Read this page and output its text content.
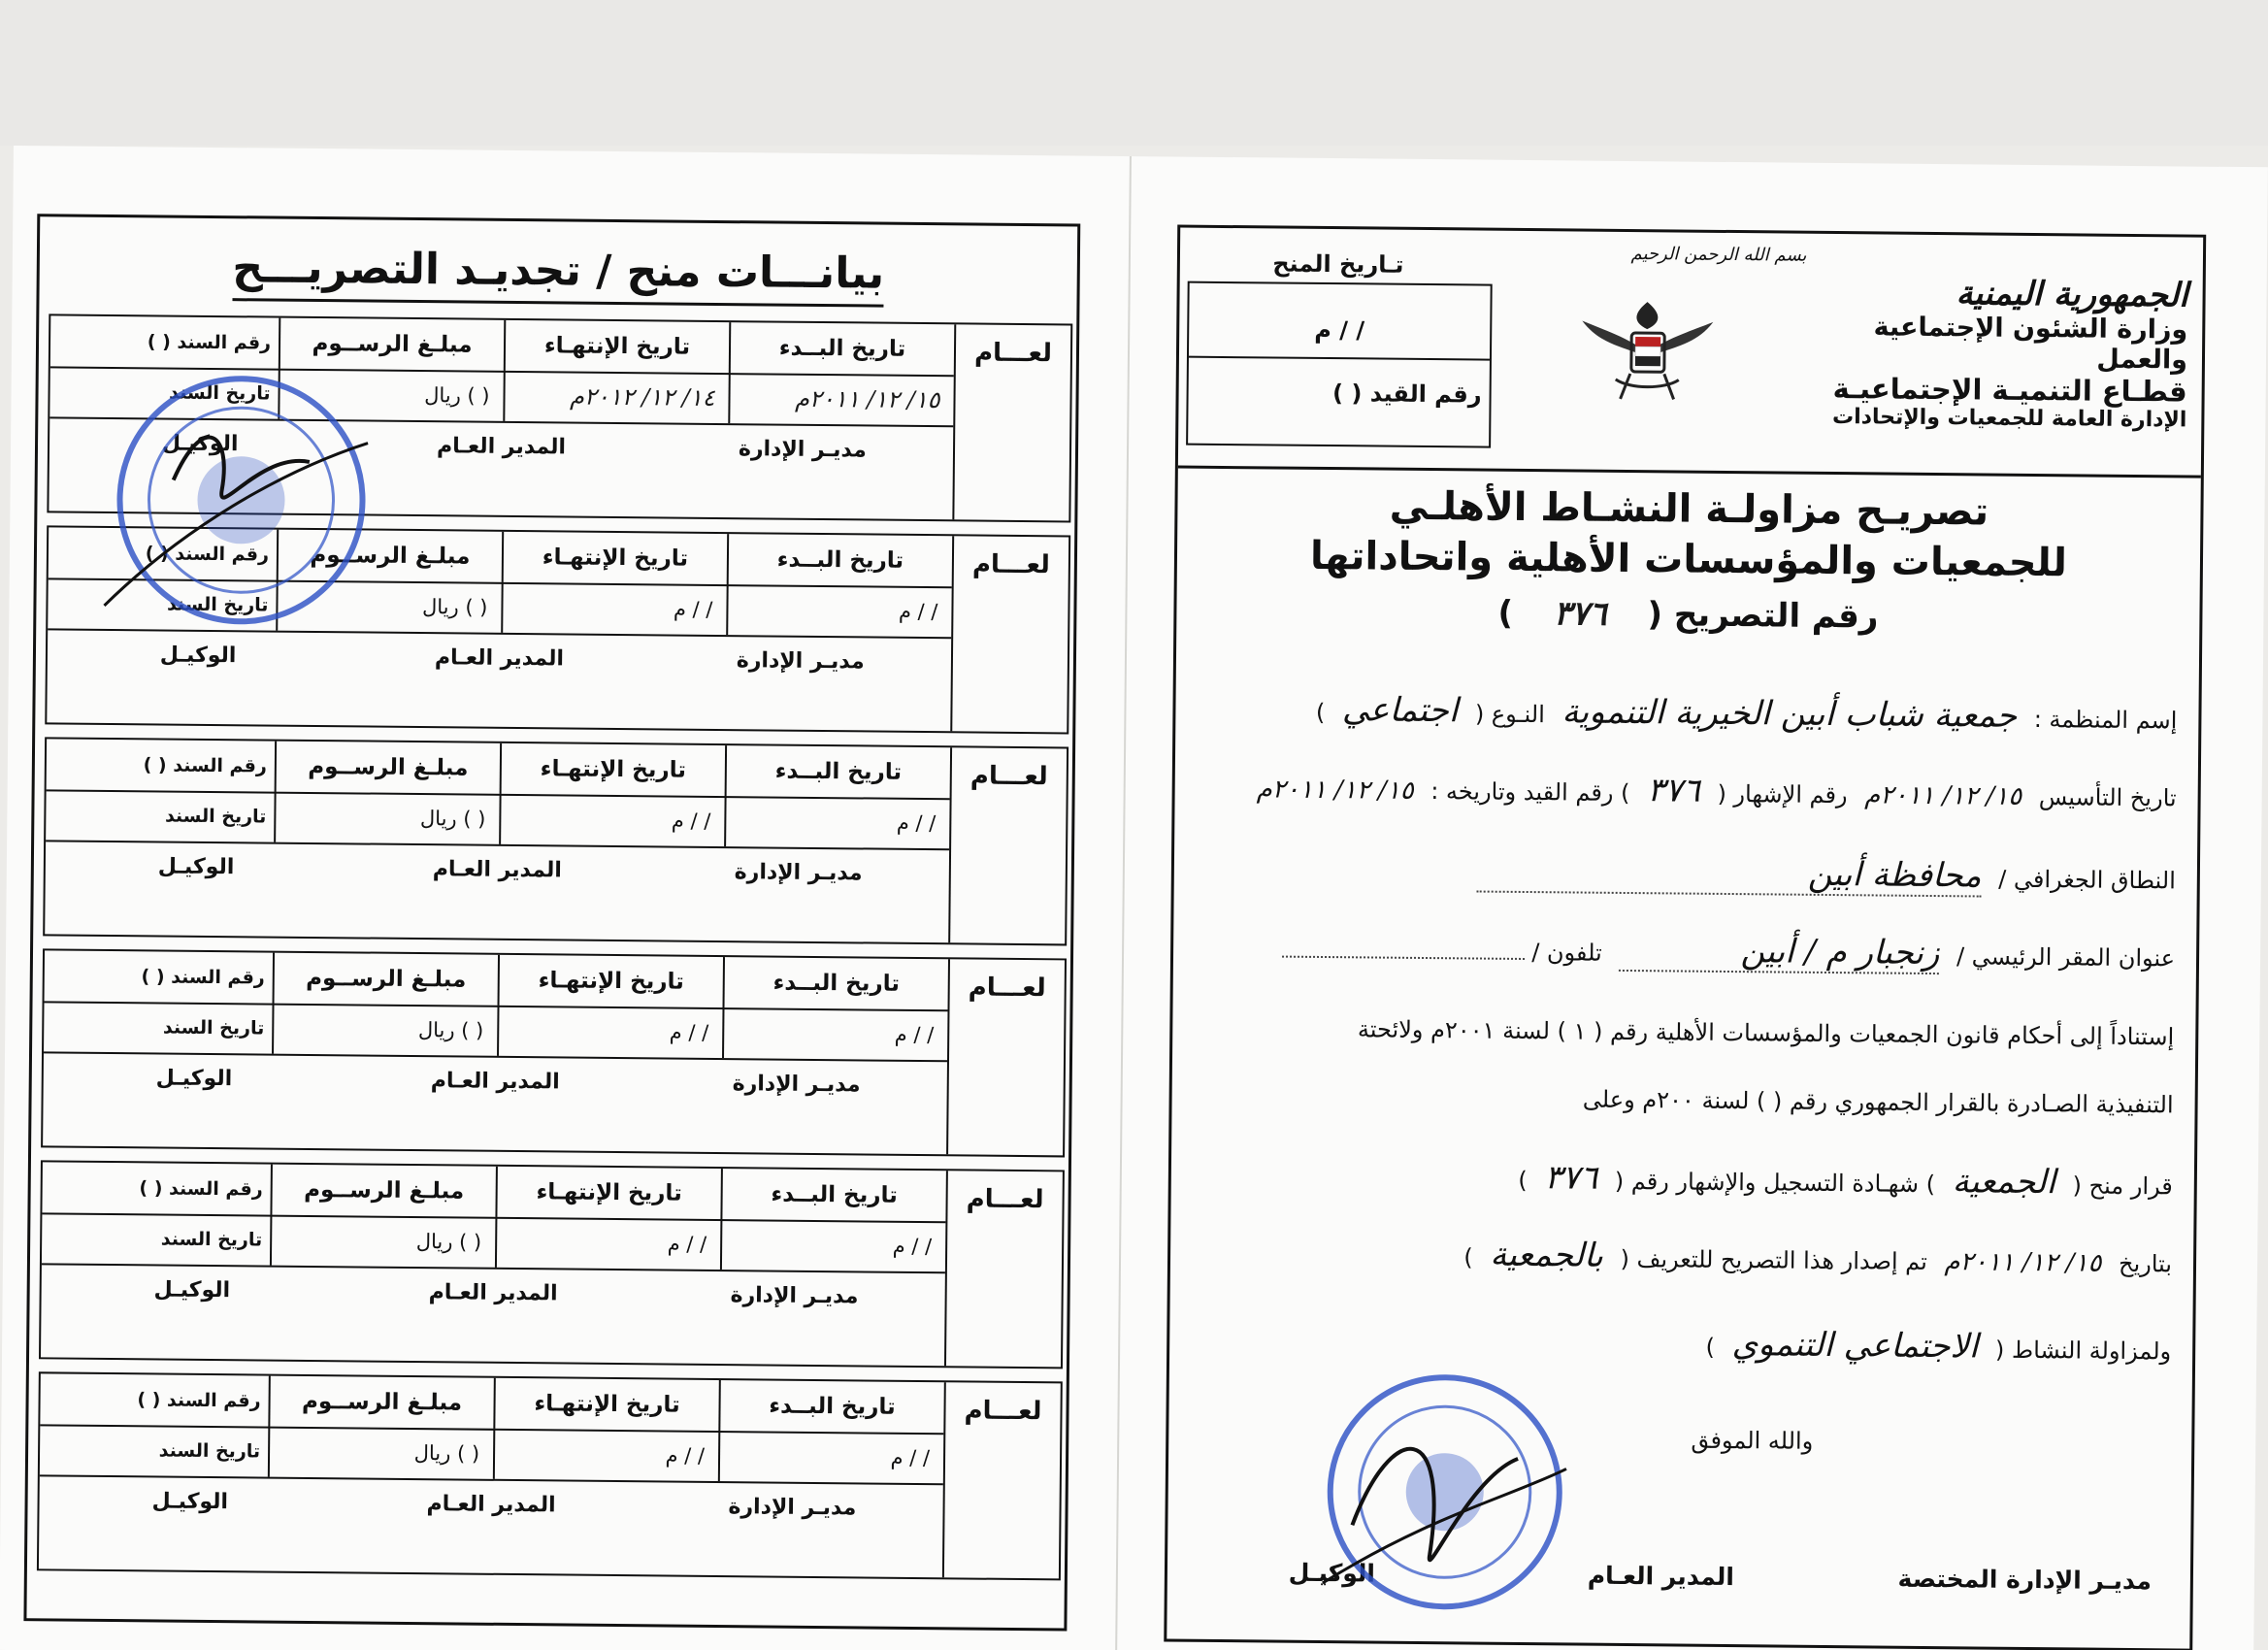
بيانـــات منح / تجديـد التصريـــح
لعـــام
تاريخ البــدء
تاريخ الإنتهـاء
مبلـغ الرســوم
رقم السند ( )
١٥/ ١٢/ ٢٠١١م
١٤/ ١٢/ ٢٠١٢م
( ) ريال
تاريخ السند
مديـر الإدارة
المدير العـام
الوكيـل
لعـــام
تاريخ البــدء
تاريخ الإنتهـاء
مبلـغ الرســوم
رقم السند ( )
/ / م
/ / م
( ) ريال
تاريخ السند
مديـر الإدارة
المدير العـام
الوكيـل
لعـــام
تاريخ البــدء
تاريخ الإنتهـاء
مبلـغ الرســوم
رقم السند ( )
/ / م
/ / م
( ) ريال
تاريخ السند
مديـر الإدارة
المدير العـام
الوكيـل
لعـــام
تاريخ البــدء
تاريخ الإنتهـاء
مبلـغ الرســوم
رقم السند ( )
/ / م
/ / م
( ) ريال
تاريخ السند
مديـر الإدارة
المدير العـام
الوكيـل
لعـــام
تاريخ البــدء
تاريخ الإنتهـاء
مبلـغ الرســوم
رقم السند ( )
/ / م
/ / م
( ) ريال
تاريخ السند
مديـر الإدارة
المدير العـام
الوكيـل
لعـــام
تاريخ البــدء
تاريخ الإنتهـاء
مبلـغ الرســوم
رقم السند ( )
/ / م
/ / م
( ) ريال
تاريخ السند
مديـر الإدارة
المدير العـام
الوكيـل
بسم الله الرحمن الرحيم
الجمهورية اليمنية
وزارة الشئون الإجتماعية والعمل
قطـاع التنميـة الإجتماعيـة
الإدارة العامة للجمعيات والإتحادات
تـاريخ المنح
/ / م
رقم القيد ( )
تصريـح مزاولـة النشـاط الأهلـي
للجمعيات والمؤسسات الأهلية واتحاداتها
رقم التصريح ( ٣٧٦ )
إسم المنظمة : جمعية شباب أبين الخيرية التنموية النـوع ( اجتماعي )
تاريخ التأسيس ١٥/ ١٢/ ٢٠١١م رقم الإشهار ( ٣٧٦ ) رقم القيد وتاريخه : ١٥/ ١٢/ ٢٠١١م
النطاق الجغرافي / محافظة أبين
عنوان المقر الرئيسي / زنجبار م / أبين تلفون /
إستناداً إلى أحكام قانون الجمعيات والمؤسسات الأهلية رقم ( ١ ) لسنة ٢٠٠١م ولائحتة
التنفيذية الصـادرة بالقرار الجمهوري رقم ( ) لسنة ٢٠٠م وعلى
قرار منح ( الجمعية ) شهـادة التسجيل والإشهار رقم ( ٣٧٦ )
بتاريخ ١٥/ ١٢/ ٢٠١١م تم إصدار هذا التصريح للتعريف ( بالجمعية )
ولمزاولة النشاط ( الاجتماعي التنموي )
والله الموفق
مديـر الإدارة المختصة
المدير العـام
الوكيـل
